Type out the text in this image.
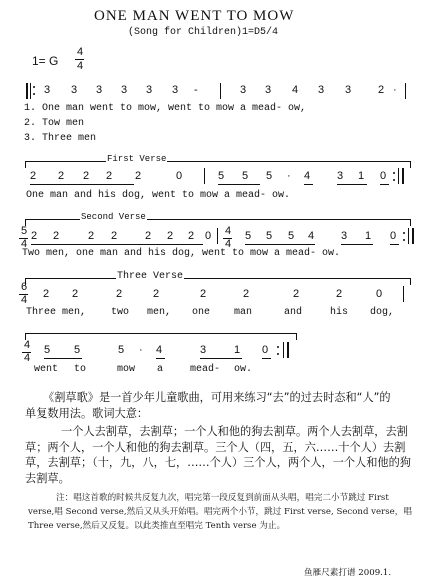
ONE MAN WENT TO MOW
(Song for Children)1=D5/4
1= G
4
4
3 3 3 3 3 3 -	3 3 4 3 3 2 ·
1. One man went to mow, went to mow a mead- ow,
2. Tow men
3. Three men
First Verse
2 2 2 2 2	0	5 5 5 · 4 3 1 0
One man and his dog, went to mow a mead- ow.
Second Verse
5
4
2 2	2 2	2 2 2 0 4
4
5 5 5 4 3 1 0
Two men, one man and his dog, went to mow a mead- ow.
Three Verse
6
4 2 2	2	2	2	2	2	2	0
Three men, two men, one man	and	his dog,
4
4
5 5	5 · 4	3	1 0
went to	mow a	mead- ow.
《割草歌》是一首少年儿童歌曲，可用来练习“去”的过去时态和“人”的单复数用法。歌词大意：
一个人去割草，去割草；一个人和他的狗去割草。两个人去割草，去割草；两个人，一个人和他的狗去割草。三个人（四，五，六……十个人）去割草，去割草；（十，九，八，七，……个人）三个人，两个人，一个人和他的狗去割草。
注：唱这首歌的时候共反复九次，唱完第一段反复到前面从头唱，唱完二小节跳过 First verse,唱 Second verse,然后又从头开始唱。唱完两个小节，跳过 First verse, Second verse，唱 Three verse,然后又反复。以此类推直至唱完 Tenth verse 为止。
鱼雁尺素打谱 2009.1.
